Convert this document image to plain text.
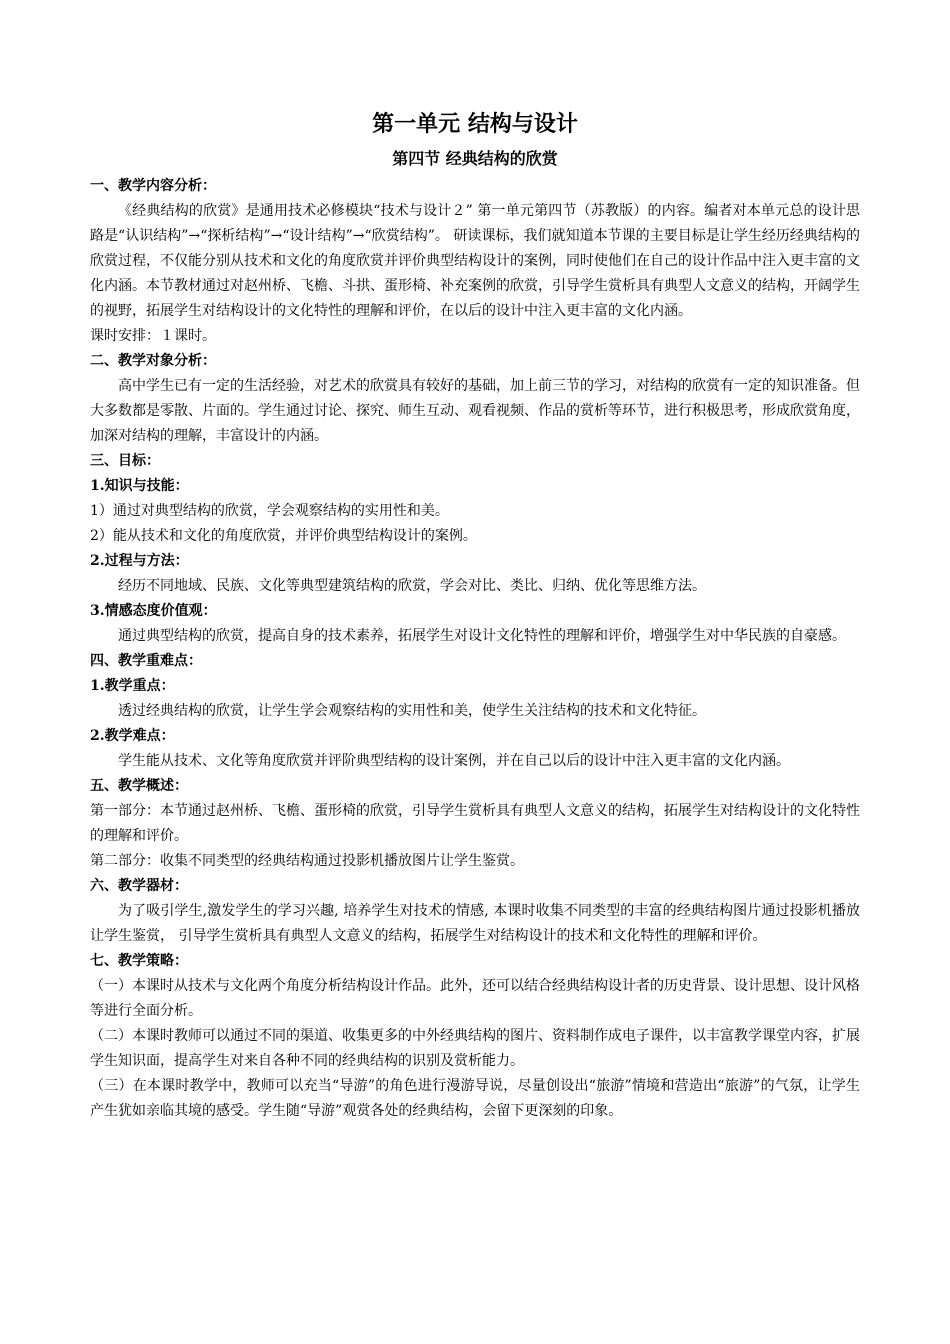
第一单元 结构与设计
第四节 经典结构的欣赏
一、教学内容分析：
《经典结构的欣赏》是通用技术必修模块“技术与设计２” 第一单元第四节（苏教版）的内容。编者对本单元总的设计思路是“认识结构”→“探析结构”→“设计结构”→“欣赏结构”。 研读课标，我们就知道本节课的主要目标是让学生经历经典结构的欣赏过程，不仅能分别从技术和文化的角度欣赏并评价典型结构设计的案例，同时使他们在自己的设计作品中注入更丰富的文化内涵。本节教材通过对赵州桥、飞檐、斗拱、蛋形椅、补充案例的欣赏，引导学生赏析具有典型人文意义的结构，开阔学生的视野，拓展学生对结构设计的文化特性的理解和评价，在以后的设计中注入更丰富的文化内涵。
课时安排：１课时。
二、教学对象分析：
高中学生已有一定的生活经验，对艺术的欣赏具有较好的基础，加上前三节的学习，对结构的欣赏有一定的知识准备。但大多数都是零散、片面的。学生通过讨论、探究、师生互动、观看视频、作品的赏析等环节，进行积极思考，形成欣赏角度，加深对结构的理解，丰富设计的内涵。
三、目标：
1.知识与技能：
1）通过对典型结构的欣赏，学会观察结构的实用性和美。
2）能从技术和文化的角度欣赏，并评价典型结构设计的案例。
2.过程与方法：
经历不同地域、民族、文化等典型建筑结构的欣赏，学会对比、类比、归纳、优化等思维方法。
3.情感态度价值观：
通过典型结构的欣赏，提高自身的技术素养，拓展学生对设计文化特性的理解和评价，增强学生对中华民族的自豪感。
四、教学重难点：
1.教学重点：
透过经典结构的欣赏，让学生学会观察结构的实用性和美，使学生关注结构的技术和文化特征。
2.教学难点：
学生能从技术、文化等角度欣赏并评阶典型结构的设计案例，并在自己以后的设计中注入更丰富的文化内涵。
五、教学概述：
第一部分：本节通过赵州桥、飞檐、蛋形椅的欣赏，引导学生赏析具有典型人文意义的结构，拓展学生对结构设计的文化特性的理解和评价。
第二部分：收集不同类型的经典结构通过投影机播放图片让学生鉴赏。
六、教学器材：
为了吸引学生,激发学生的学习兴趣, 培养学生对技术的情感, 本课时收集不同类型的丰富的经典结构图片通过投影机播放让学生鉴赏， 引导学生赏析具有典型人文意义的结构，拓展学生对结构设计的技术和文化特性的理解和评价。
七、教学策略：
（一）本课时从技术与文化两个角度分析结构设计作品。此外，还可以结合经典结构设计者的历史背景、设计思想、设计风格等进行全面分析。
（二）本课时教师可以通过不同的渠道、收集更多的中外经典结构的图片、资料制作成电子课件，以丰富教学课堂内容，扩展学生知识面，提高学生对来自各种不同的经典结构的识别及赏析能力。
（三）在本课时教学中，教师可以充当“导游”的角色进行漫游导说，尽量创设出“旅游”情境和营造出“旅游”的气氛，让学生产生犹如亲临其境的感受。学生随“导游”观赏各处的经典结构，会留下更深刻的印象。
